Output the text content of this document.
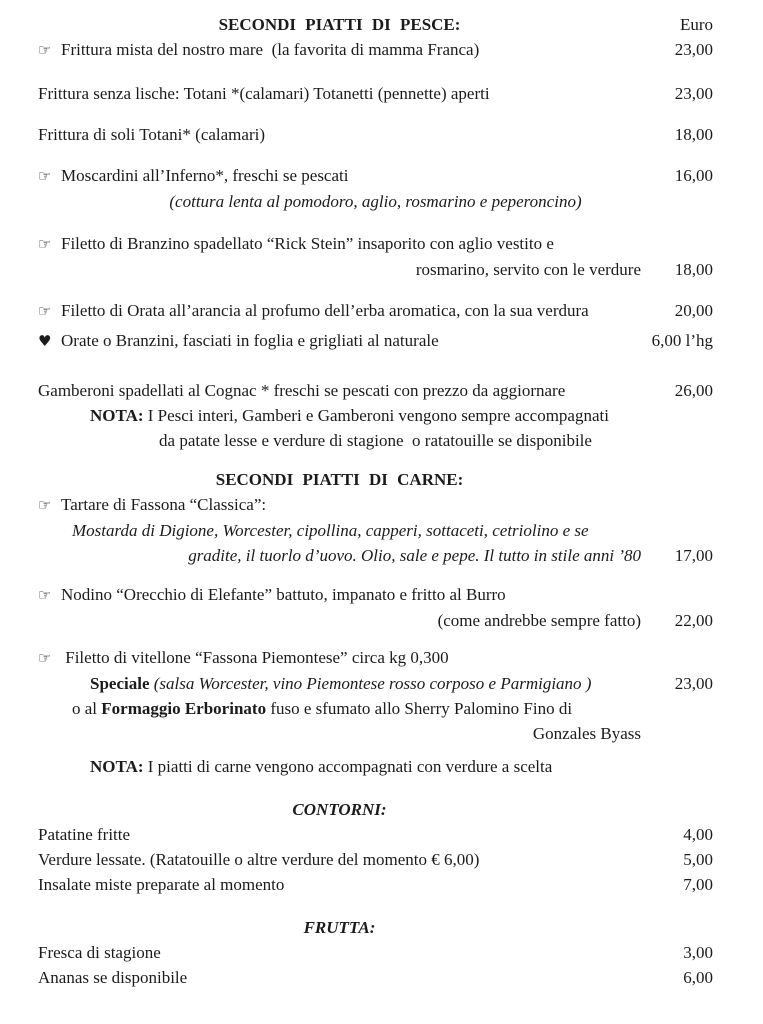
SECONDI PIATTI DI PESCE:	Euro
☞ Frittura mista del nostro mare  (la favorita di mamma Franca)	23,00
Frittura senza lische: Totani *(calamari) Totanetti (pennette) aperti	23,00
Frittura di soli Totani* (calamari)	18,00
☞ Moscardini all’Inferno*, freschi se pescati	16,00
(cottura lenta al pomodoro, aglio, rosmarino e peperoncino)
☞ Filetto di Branzino spadellato “Rick Stein” insaporito con aglio vestito e
rosmarino, servito con le verdure	18,00
☞ Filetto di Orata all’arancia al profumo dell’erba aromatica, con la sua verdura	20,00
♥ Orate o Branzini, fasciati in foglia e grigliati al naturale	6,00 l’hg
Gamberoni spadellati al Cognac * freschi se pescati con prezzo da aggiornare	26,00
NOTA: I Pesci interi, Gamberi e Gamberoni vengono sempre accompagnati
da patate lesse e verdure di stagione  o ratatouille se disponibile
SECONDI PIATTI DI CARNE:
☞ Tartare di Fassona “Classica”:
Mostarda di Digione, Worcester, cipollina, capperi, sottaceti, cetriolino e se
gradite, il tuorlo d’uovo. Olio, sale e pepe. Il tutto in stile anni ’80	17,00
☞ Nodino “Orecchio di Elefante” battuto, impanato e fritto al Burro
(come andrebbe sempre fatto)	22,00
☞ Filetto di vitellone “Fassona Piemontese” circa kg 0,300
Speciale (salsa Worcester, vino Piemontese rosso corposo e Parmigiano )	23,00
o al Formaggio Erborinato fuso e sfumato allo Sherry Palomino Fino di
Gonzales Byass
NOTA: I piatti di carne vengono accompagnati con verdure a scelta
CONTORNI:
Patatine fritte	4,00
Verdure lessate. (Ratatouille o altre verdure del momento € 6,00)	5,00
Insalate miste preparate al momento	7,00
FRUTTA:
Fresca di stagione	3,00
Ananas se disponibile	6,00
